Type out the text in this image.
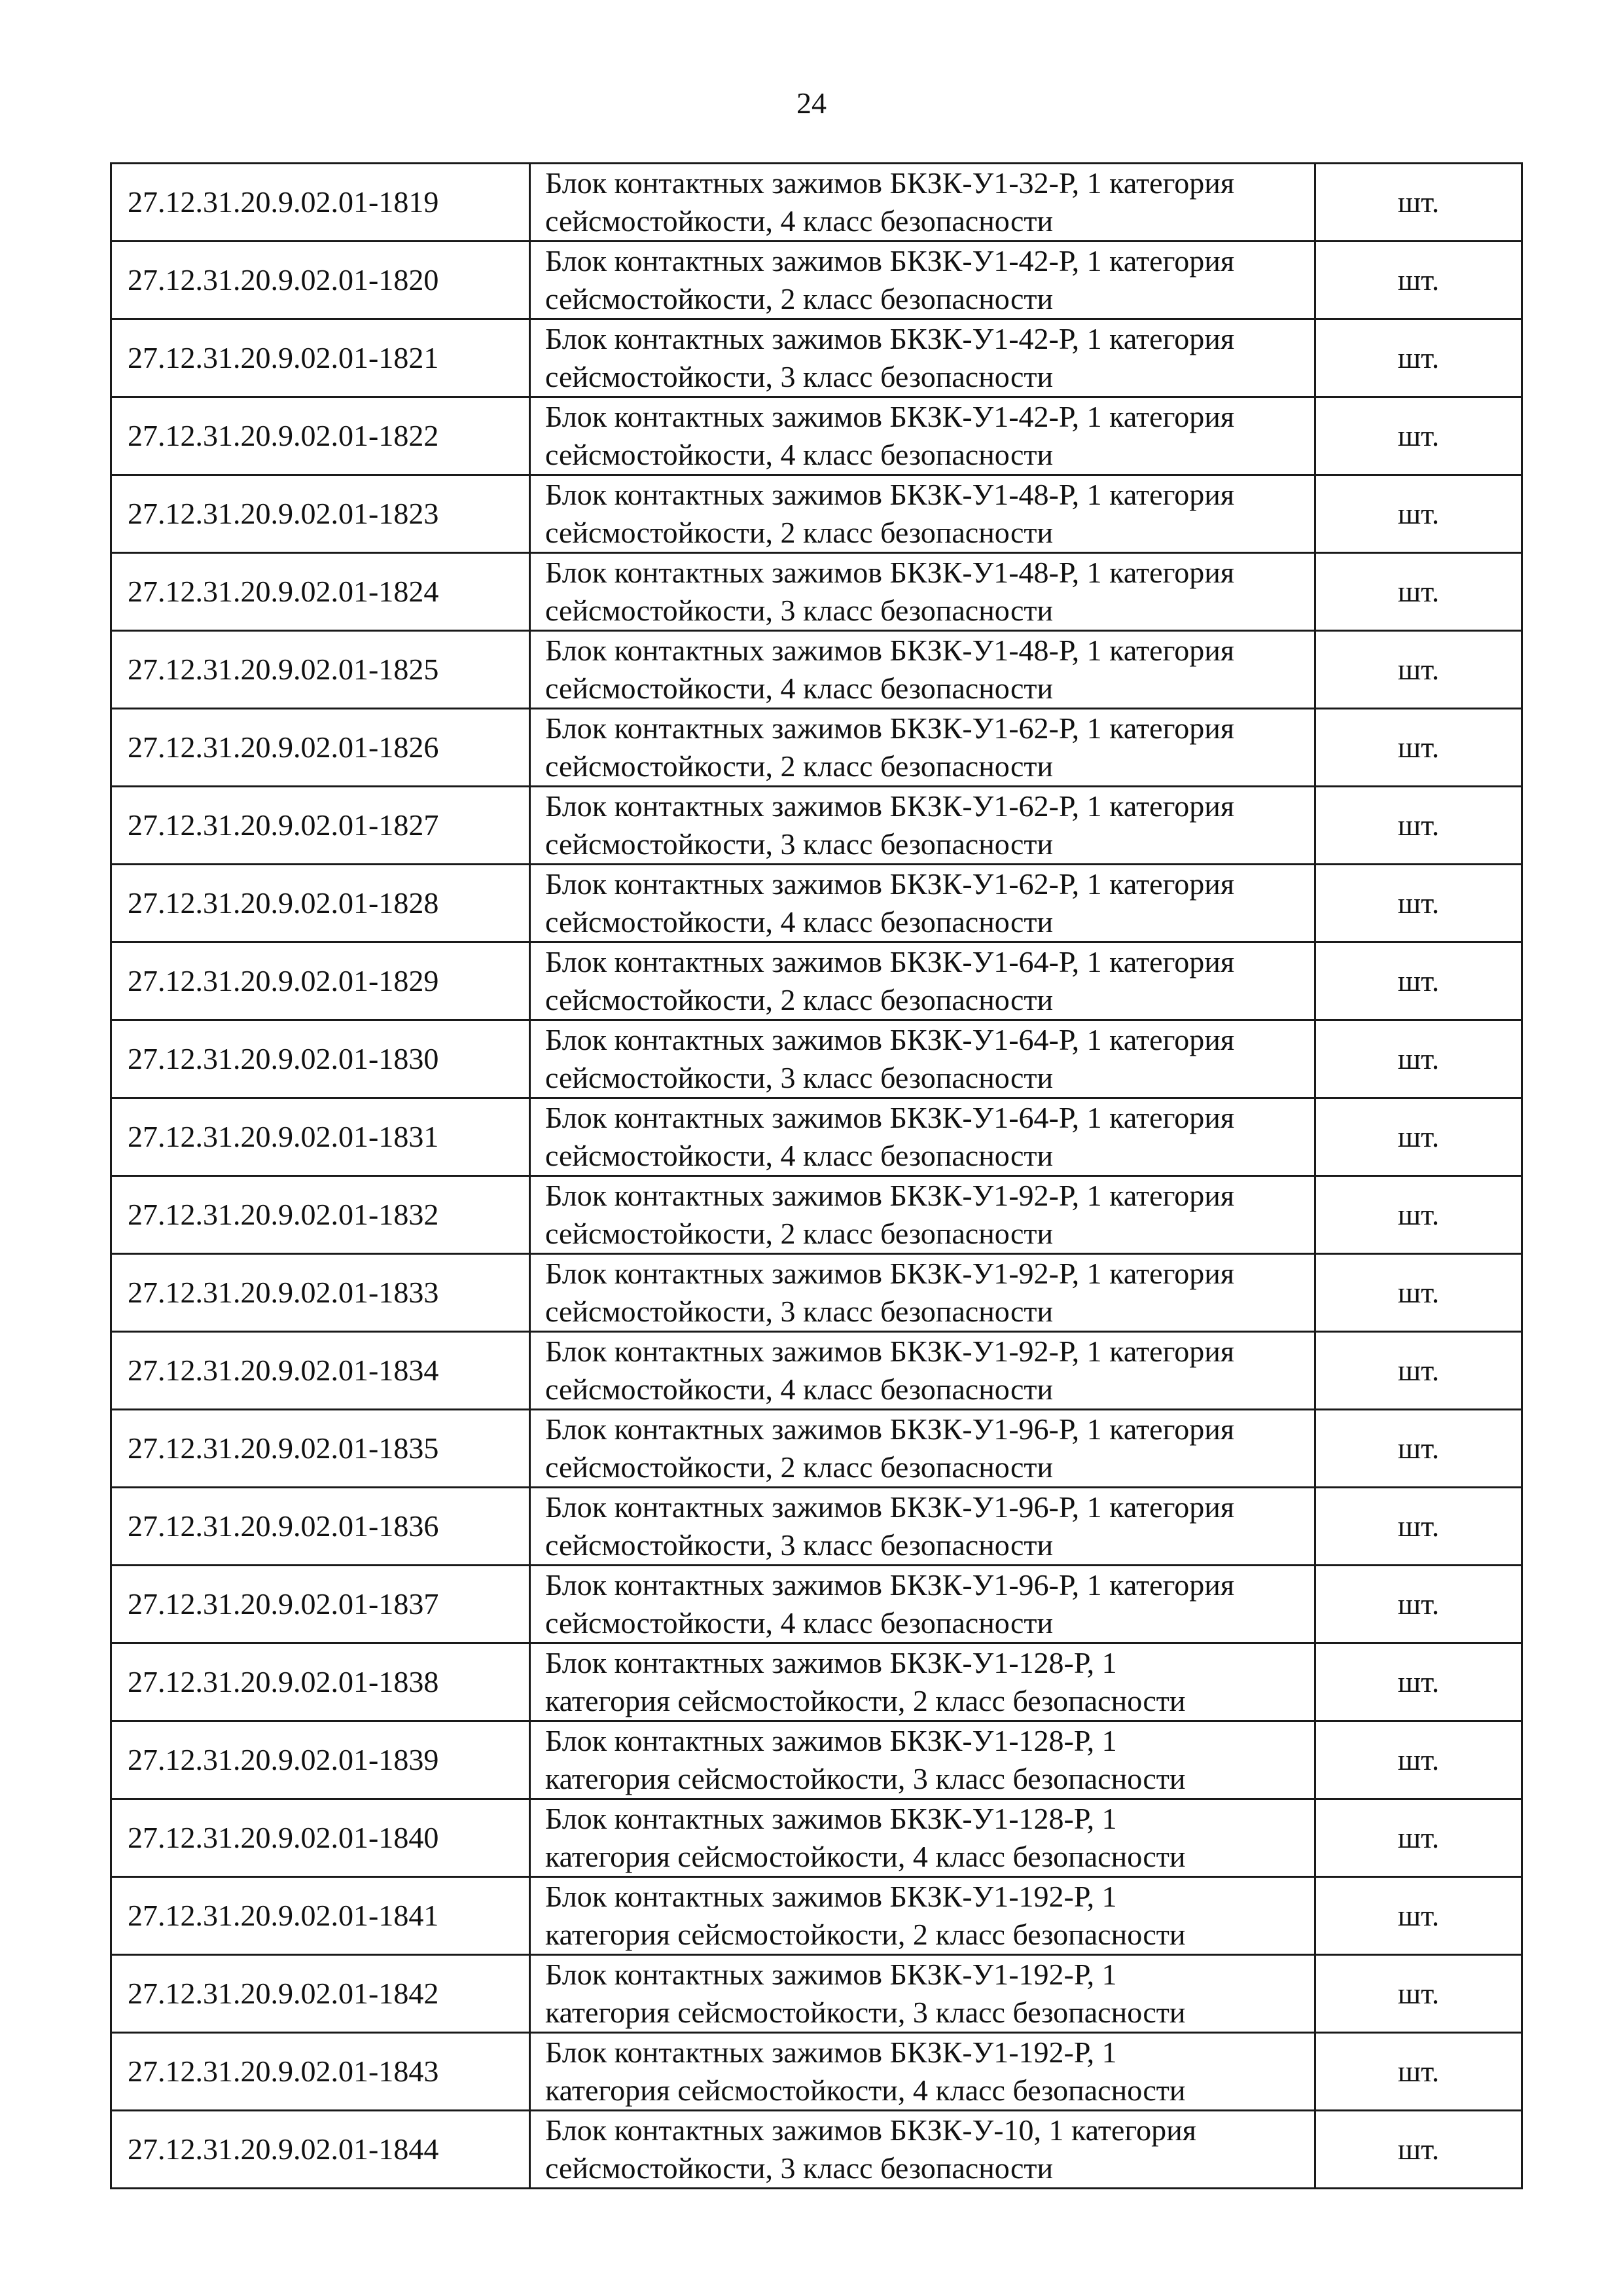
24
27.12.31.20.9.02.01-1819	Блок контактных зажимов БКЗК-У1-32-Р, 1 категория
сейсмостойкости, 4 класс безопасности	шт.
27.12.31.20.9.02.01-1820	Блок контактных зажимов БКЗК-У1-42-Р, 1 категория
сейсмостойкости, 2 класс безопасности	шт.
27.12.31.20.9.02.01-1821	Блок контактных зажимов БКЗК-У1-42-Р, 1 категория
сейсмостойкости, 3 класс безопасности	шт.
27.12.31.20.9.02.01-1822	Блок контактных зажимов БКЗК-У1-42-Р, 1 категория
сейсмостойкости, 4 класс безопасности	шт.
27.12.31.20.9.02.01-1823	Блок контактных зажимов БКЗК-У1-48-Р, 1 категория
сейсмостойкости, 2 класс безопасности	шт.
27.12.31.20.9.02.01-1824	Блок контактных зажимов БКЗК-У1-48-Р, 1 категория
сейсмостойкости, 3 класс безопасности	шт.
27.12.31.20.9.02.01-1825	Блок контактных зажимов БКЗК-У1-48-Р, 1 категория
сейсмостойкости, 4 класс безопасности	шт.
27.12.31.20.9.02.01-1826	Блок контактных зажимов БКЗК-У1-62-Р, 1 категория
сейсмостойкости, 2 класс безопасности	шт.
27.12.31.20.9.02.01-1827	Блок контактных зажимов БКЗК-У1-62-Р, 1 категория
сейсмостойкости, 3 класс безопасности	шт.
27.12.31.20.9.02.01-1828	Блок контактных зажимов БКЗК-У1-62-Р, 1 категория
сейсмостойкости, 4 класс безопасности	шт.
27.12.31.20.9.02.01-1829	Блок контактных зажимов БКЗК-У1-64-Р, 1 категория
сейсмостойкости, 2 класс безопасности	шт.
27.12.31.20.9.02.01-1830	Блок контактных зажимов БКЗК-У1-64-Р, 1 категория
сейсмостойкости, 3 класс безопасности	шт.
27.12.31.20.9.02.01-1831	Блок контактных зажимов БКЗК-У1-64-Р, 1 категория
сейсмостойкости, 4 класс безопасности	шт.
27.12.31.20.9.02.01-1832	Блок контактных зажимов БКЗК-У1-92-Р, 1 категория
сейсмостойкости, 2 класс безопасности	шт.
27.12.31.20.9.02.01-1833	Блок контактных зажимов БКЗК-У1-92-Р, 1 категория
сейсмостойкости, 3 класс безопасности	шт.
27.12.31.20.9.02.01-1834	Блок контактных зажимов БКЗК-У1-92-Р, 1 категория
сейсмостойкости, 4 класс безопасности	шт.
27.12.31.20.9.02.01-1835	Блок контактных зажимов БКЗК-У1-96-Р, 1 категория
сейсмостойкости, 2 класс безопасности	шт.
27.12.31.20.9.02.01-1836	Блок контактных зажимов БКЗК-У1-96-Р, 1 категория
сейсмостойкости, 3 класс безопасности	шт.
27.12.31.20.9.02.01-1837	Блок контактных зажимов БКЗК-У1-96-Р, 1 категория
сейсмостойкости, 4 класс безопасности	шт.
27.12.31.20.9.02.01-1838	Блок контактных зажимов БКЗК-У1-128-Р, 1
категория сейсмостойкости, 2 класс безопасности	шт.
27.12.31.20.9.02.01-1839	Блок контактных зажимов БКЗК-У1-128-Р, 1
категория сейсмостойкости, 3 класс безопасности	шт.
27.12.31.20.9.02.01-1840	Блок контактных зажимов БКЗК-У1-128-Р, 1
категория сейсмостойкости, 4 класс безопасности	шт.
27.12.31.20.9.02.01-1841	Блок контактных зажимов БКЗК-У1-192-Р, 1
категория сейсмостойкости, 2 класс безопасности	шт.
27.12.31.20.9.02.01-1842	Блок контактных зажимов БКЗК-У1-192-Р, 1
категория сейсмостойкости, 3 класс безопасности	шт.
27.12.31.20.9.02.01-1843	Блок контактных зажимов БКЗК-У1-192-Р, 1
категория сейсмостойкости, 4 класс безопасности	шт.
27.12.31.20.9.02.01-1844	Блок контактных зажимов БКЗК-У-10, 1 категория
сейсмостойкости, 3 класс безопасности	шт.
